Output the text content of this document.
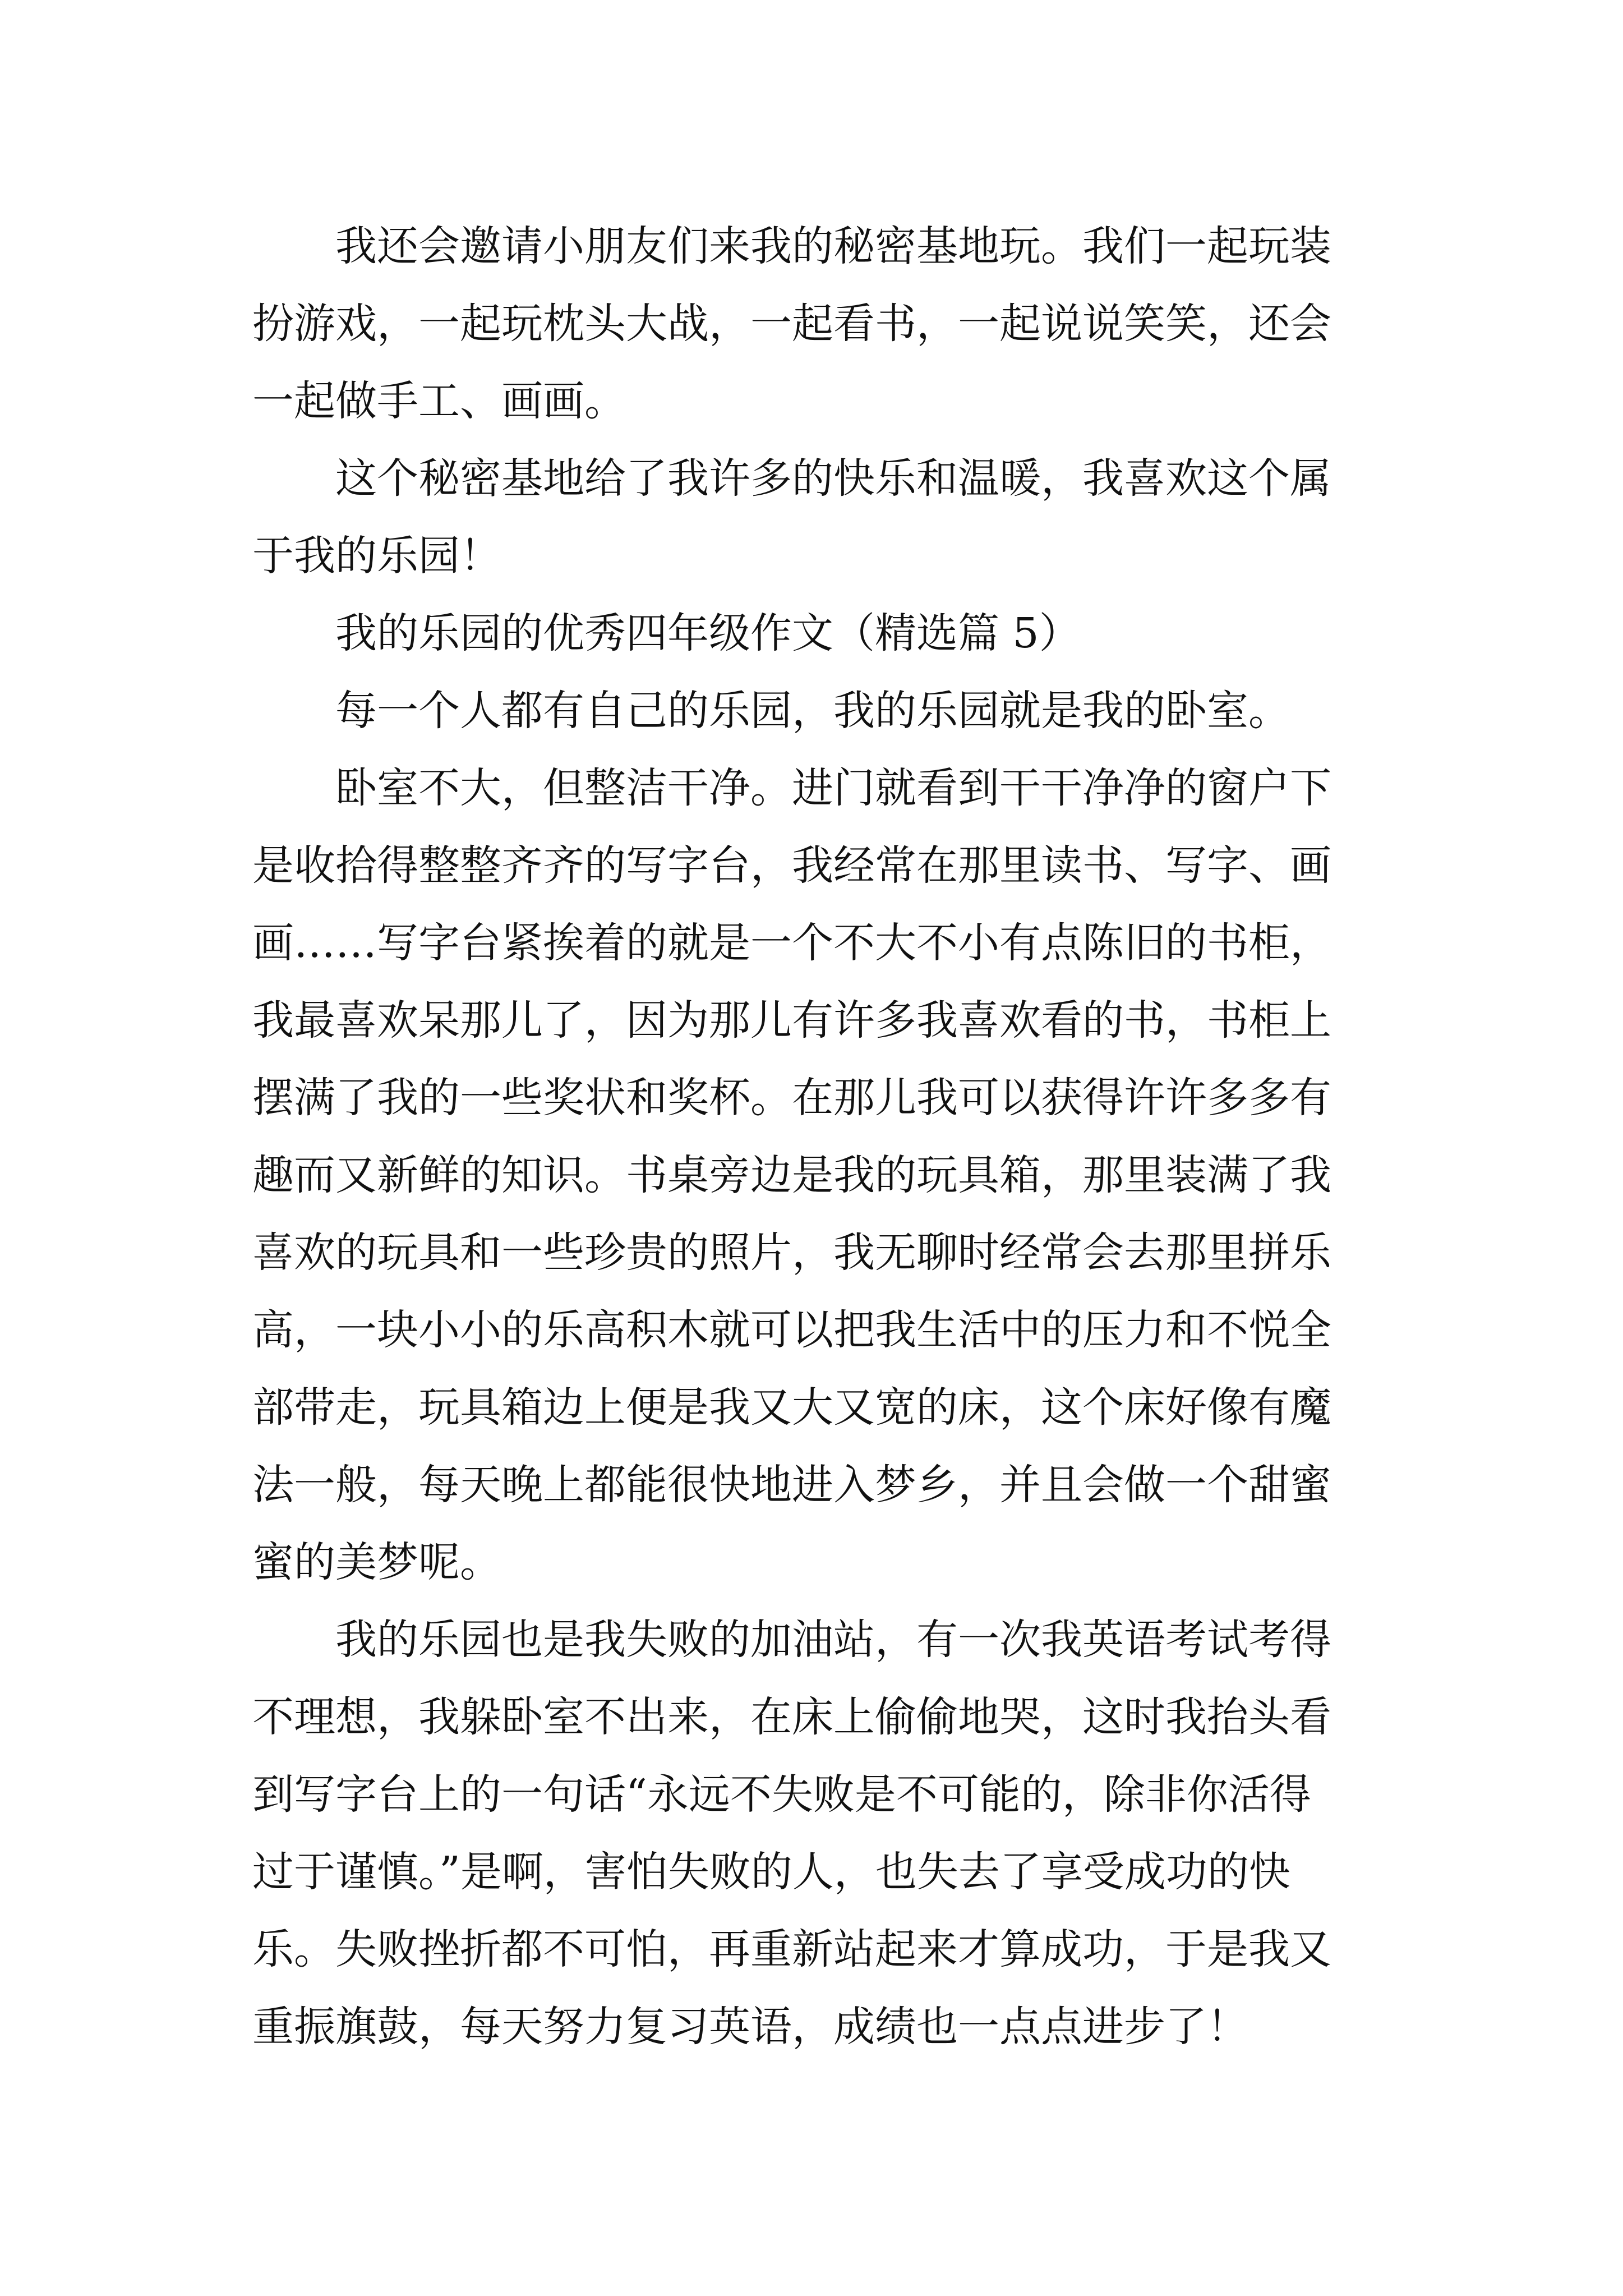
我还会邀请小朋友们来我的秘密基地玩。我们一起玩装
扮游戏，一起玩枕头大战，一起看书，一起说说笑笑，还会
一起做手工、画画。

这个秘密基地给了我许多的快乐和温暖，我喜欢这个属
于我的乐园！

我的乐园的优秀四年级作文（精选篇 5）

每一个人都有自己的乐园，我的乐园就是我的卧室。

卧室不大，但整洁干净。进门就看到干干净净的窗户下
是收拾得整整齐齐的写字台，我经常在那里读书、写字、画
画……写字台紧挨着的就是一个不大不小有点陈旧的书柜，
我最喜欢呆那儿了，因为那儿有许多我喜欢看的书，书柜上
摆满了我的一些奖状和奖杯。在那儿我可以获得许许多多有
趣而又新鲜的知识。书桌旁边是我的玩具箱，那里装满了我
喜欢的玩具和一些珍贵的照片，我无聊时经常会去那里拼乐
高，一块小小的乐高积木就可以把我生活中的压力和不悦全
部带走，玩具箱边上便是我又大又宽的床，这个床好像有魔
法一般，每天晚上都能很快地进入梦乡，并且会做一个甜蜜
蜜的美梦呢。

我的乐园也是我失败的加油站，有一次我英语考试考得
不理想，我躲卧室不出来，在床上偷偷地哭，这时我抬头看
到写字台上的一句话“永远不失败是不可能的，除非你活得
过于谨慎。”是啊，害怕失败的人，也失去了享受成功的快
乐。失败挫折都不可怕，再重新站起来才算成功，于是我又
重振旗鼓，每天努力复习英语，成绩也一点点进步了！
